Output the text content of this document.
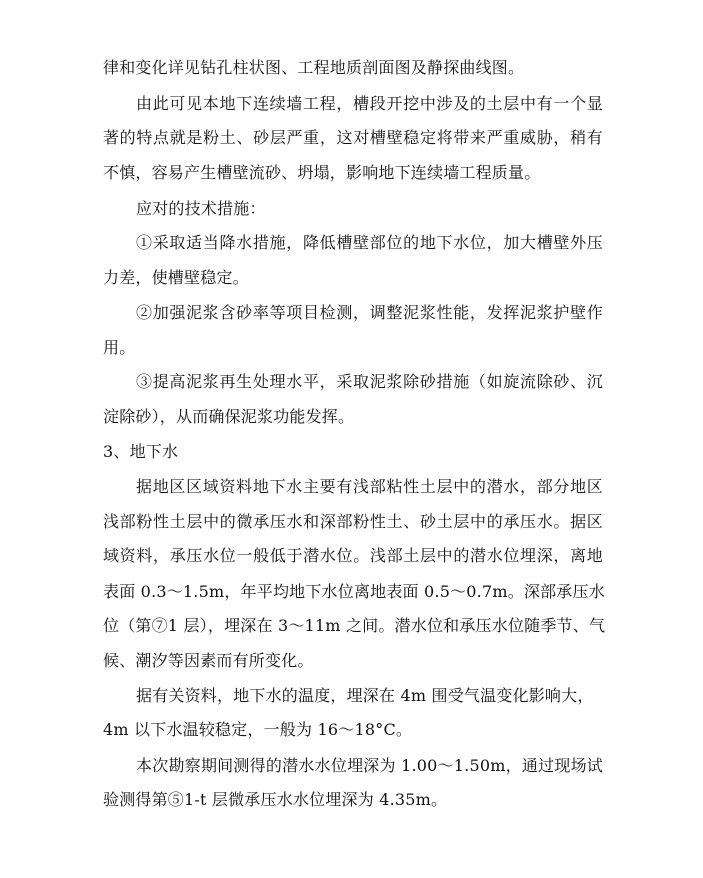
律和变化详见钻孔柱状图、工程地质剖面图及静探曲线图。
由此可见本地下连续墙工程，槽段开挖中涉及的土层中有一个显
著的特点就是粉土、砂层严重，这对槽壁稳定将带来严重威胁，稍有
不慎，容易产生槽壁流砂、坍塌，影响地下连续墙工程质量。
应对的技术措施：
①采取适当降水措施，降低槽壁部位的地下水位，加大槽壁外压
力差，使槽壁稳定。
②加强泥浆含砂率等项目检测，调整泥浆性能，发挥泥浆护壁作
用。
③提高泥浆再生处理水平，采取泥浆除砂措施（如旋流除砂、沉
淀除砂），从而确保泥浆功能发挥。
3、地下水
据地区区域资料地下水主要有浅部粘性土层中的潜水，部分地区
浅部粉性土层中的微承压水和深部粉性土、砂土层中的承压水。据区
域资料，承压水位一般低于潜水位。浅部土层中的潜水位埋深，离地
表面 0.3～1.5m，年平均地下水位离地表面 0.5～0.7m。深部承压水
位（第⑦1 层），埋深在 3～11m 之间。潜水位和承压水位随季节、气
候、潮汐等因素而有所变化。
据有关资料，地下水的温度，埋深在 4m 围受气温变化影响大，
4m 以下水温较稳定，一般为 16～18°C。
本次勘察期间测得的潜水水位埋深为 1.00～1.50m，通过现场试
验测得第⑤1-t 层微承压水水位埋深为 4.35m。
